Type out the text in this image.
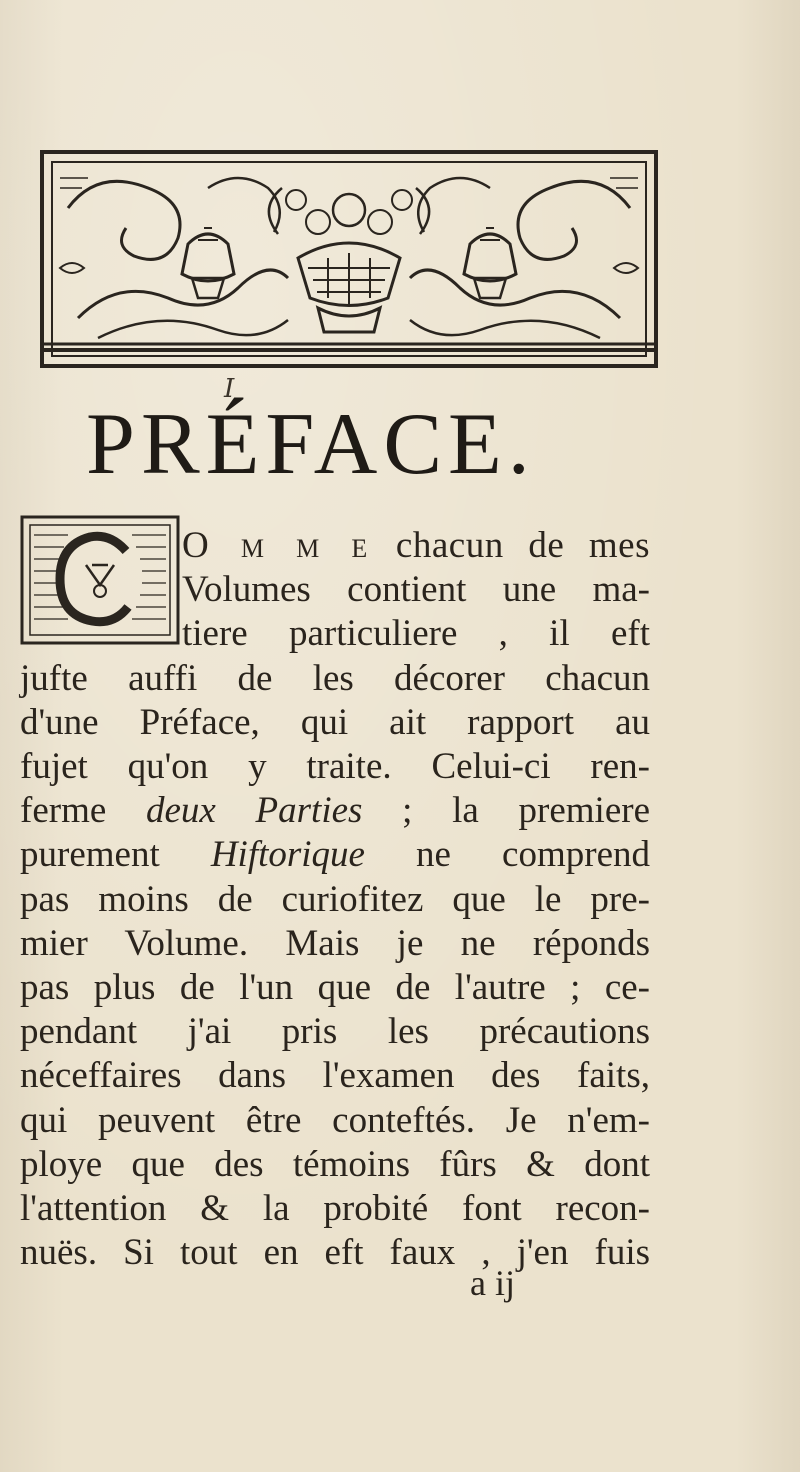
I
PRÉFACE.
C
O m m e chacun de mes
Volumes contient une ma-
tiere particuliere , il eft
jufte auffi de les décorer chacun
d'une Préface, qui ait rapport au
fujet qu'on y traite. Celui-ci ren-
ferme deux Parties ; la premiere
purement Hiftorique ne comprend
pas moins de curiofitez que le pre-
mier Volume. Mais je ne réponds
pas plus de l'un que de l'autre ; ce-
pendant j'ai pris les précautions
néceffaires dans l'examen des faits,
qui peuvent être conteftés. Je n'em-
ploye que des témoins fûrs & dont
l'attention & la probité font recon-
nuës. Si tout en eft faux , j'en fuis
a ij
